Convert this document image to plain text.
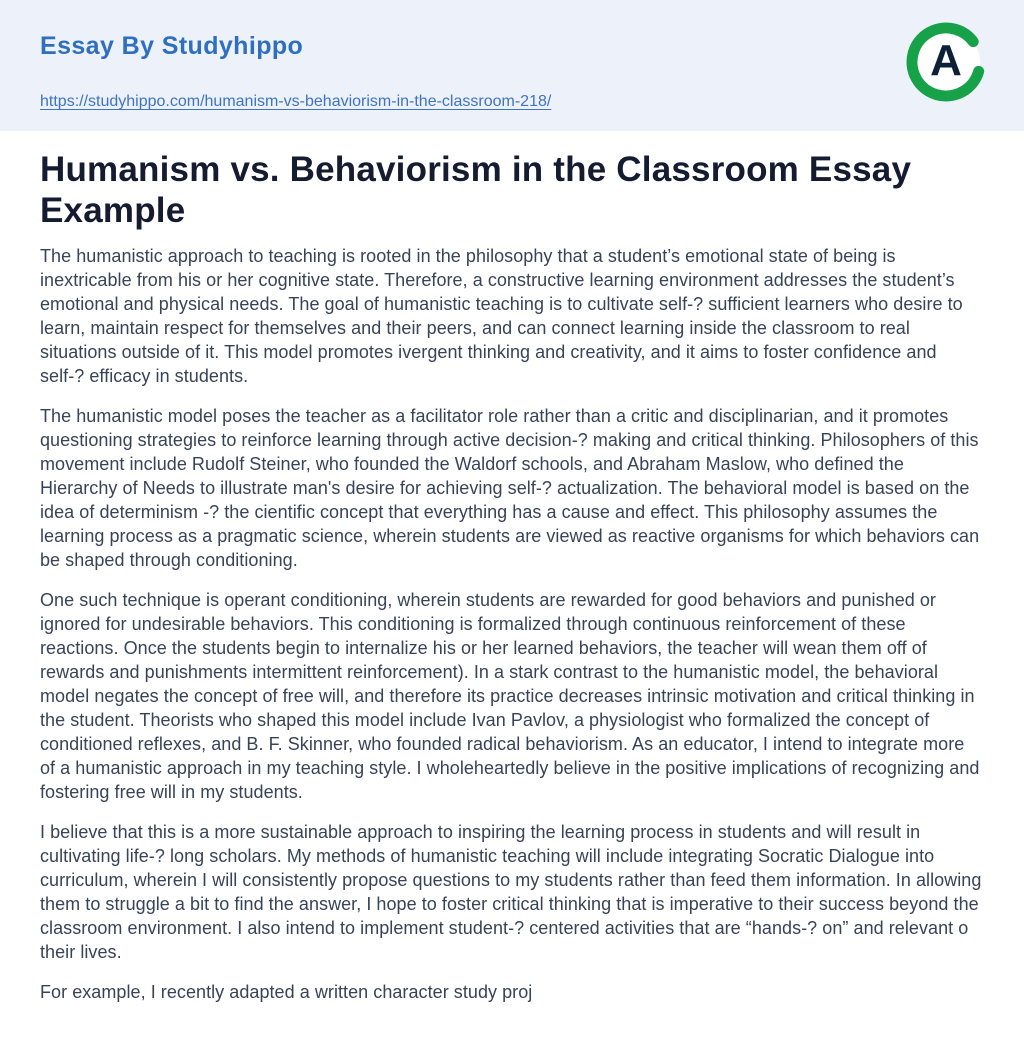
Essay By Studyhippo

https://studyhippo.com/humanism-vs-behaviorism-in-the-classroom-218/
A
Humanism vs. Behaviorism in the Classroom Essay Example

The humanistic approach to teaching is rooted in the philosophy that a student’s emotional state of being is inextricable from his or her cognitive state. Therefore, a constructive learning environment addresses the student’s emotional and physical needs. The goal of humanistic teaching is to cultivate self-? sufficient learners who desire to learn, maintain respect for themselves and their peers, and can connect learning inside the classroom to real situations outside of it. This model promotes ivergent thinking and creativity, and it aims to foster confidence and self-? efficacy in students.

The humanistic model poses the teacher as a facilitator role rather than a critic and disciplinarian, and it promotes questioning strategies to reinforce learning through active decision-? making and critical thinking. Philosophers of this movement include Rudolf Steiner, who founded the Waldorf schools, and Abraham Maslow, who defined the Hierarchy of Needs to illustrate man's desire for achieving self-? actualization. The behavioral model is based on the idea of determinism -? the cientific concept that everything has a cause and effect. This philosophy assumes the learning process as a pragmatic science, wherein students are viewed as reactive organisms for which behaviors can be shaped through conditioning.

One such technique is operant conditioning, wherein students are rewarded for good behaviors and punished or ignored for undesirable behaviors. This conditioning is formalized through continuous reinforcement of these reactions. Once the students begin to internalize his or her learned behaviors, the teacher will wean them off of rewards and punishments intermittent reinforcement). In a stark contrast to the humanistic model, the behavioral model negates the concept of free will, and therefore its practice decreases intrinsic motivation and critical thinking in the student. Theorists who shaped this model include Ivan Pavlov, a physiologist who formalized the concept of conditioned reflexes, and B. F. Skinner, who founded radical behaviorism. As an educator, I intend to integrate more of a humanistic approach in my teaching style. I wholeheartedly believe in the positive implications of recognizing and fostering free will in my students.

I believe that this is a more sustainable approach to inspiring the learning process in students and will result in cultivating life-? long scholars. My methods of humanistic teaching will include integrating Socratic Dialogue into curriculum, wherein I will consistently propose questions to my students rather than feed them information. In allowing them to struggle a bit to find the answer, I hope to foster critical thinking that is imperative to their success beyond the classroom environment. I also intend to implement student-? centered activities that are “hands-? on” and relevant o their lives.

For example, I recently adapted a written character study proj
